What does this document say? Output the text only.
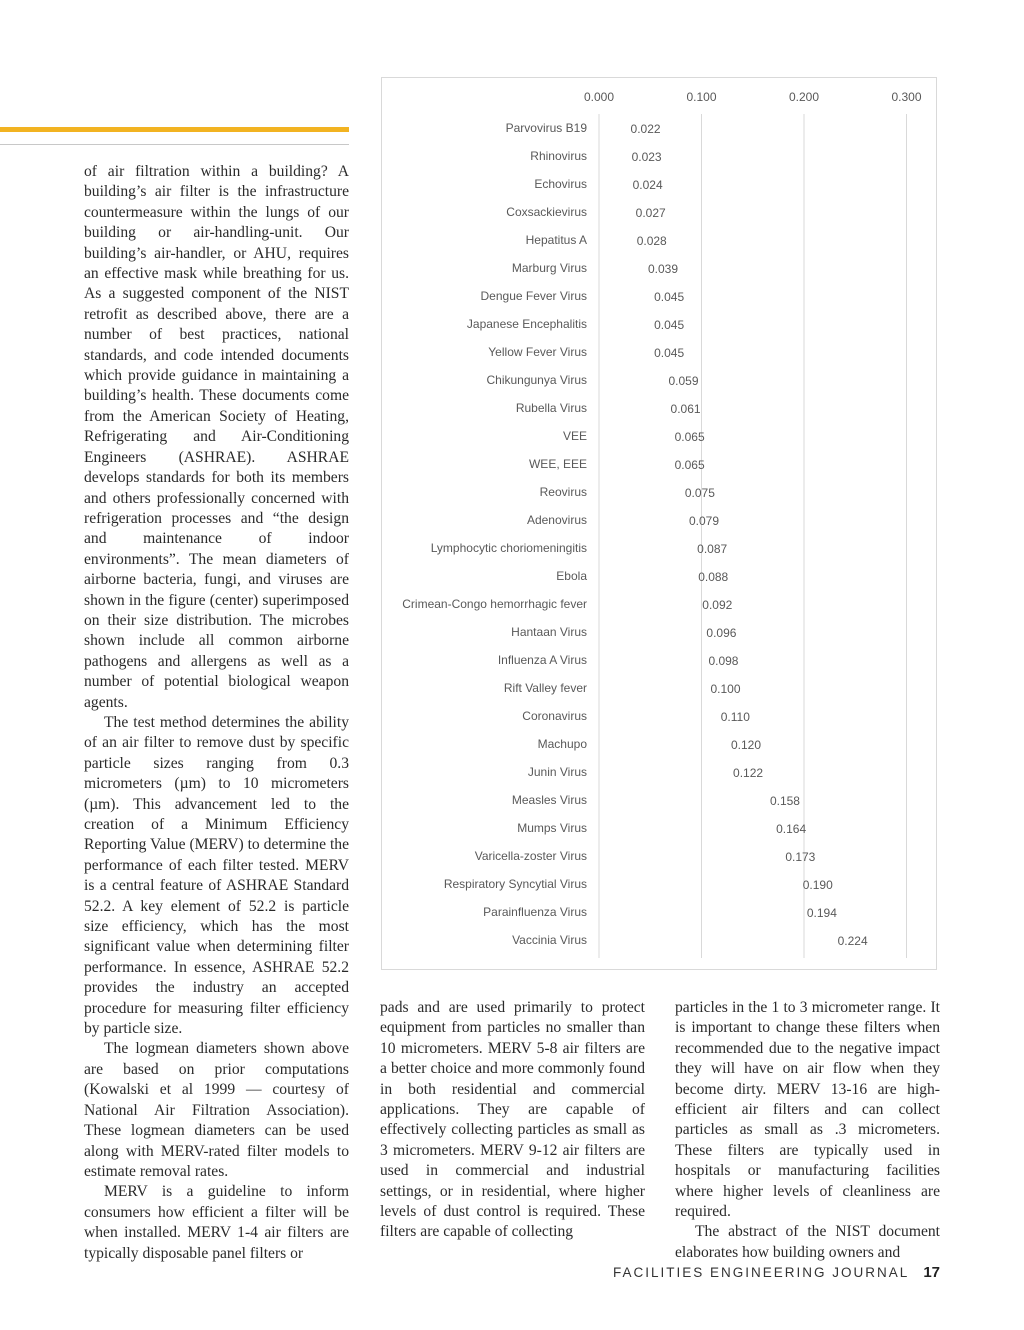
of air filtration within a building? A building’s air filter is the infrastructure countermeasure within the lungs of our building or air-handling-unit. Our building’s air-handler, or AHU, requires an effective mask while breathing for us. As a suggested component of the NIST retrofit as described above, there are a number of best practices, national standards, and code intended documents which provide guidance in maintaining a building’s health. These documents come from the American Society of Heating, Refrigerating and Air-Conditioning Engineers (ASHRAE). ASHRAE develops standards for both its members and others professionally concerned with refrigeration processes and “the design and maintenance of indoor environments”. The mean diameters of airborne bacteria, fungi, and viruses are shown in the figure (center) superimposed on their size distribution. The microbes shown include all common airborne pathogens and allergens as well as a number of potential biological weapon agents.

The test method determines the ability of an air filter to remove dust by specific particle sizes ranging from 0.3 micrometers (µm) to 10 micrometers (µm). This advancement led to the creation of a Minimum Efficiency Reporting Value (MERV) to determine the performance of each filter tested. MERV is a central feature of ASHRAE Standard 52.2. A key element of 52.2 is particle size efficiency, which has the most significant value when determining filter performance. In essence, ASHRAE 52.2 provides the industry an accepted procedure for measuring filter efficiency by particle size.

The logmean diameters shown above are based on prior computations (Kowalski et al 1999 — courtesy of National Air Filtration Association). These logmean diameters can be used along with MERV-rated filter models to estimate removal rates.

MERV is a guideline to inform consumers how efficient a filter will be when installed. MERV 1-4 air filters are typically disposable panel filters or

0.000	0.100	0.200	0.300
Parvovirus B19	0.022
Rhinovirus	0.023
Echovirus	0.024
Coxsackievirus	0.027
Hepatitus A	0.028
Marburg Virus	0.039
Dengue Fever Virus	0.045
Japanese Encephalitis	0.045
Yellow Fever Virus	0.045
Chikungunya Virus	0.059
Rubella Virus	0.061
VEE	0.065
WEE, EEE	0.065
Reovirus	0.075
Adenovirus	0.079
Lymphocytic choriomeningitis	0.087
Ebola	0.088
Crimean-Congo hemorrhagic fever	0.092
Hantaan Virus	0.096
Influenza A Virus	0.098
Rift Valley fever	0.100
Coronavirus	0.110
Machupo	0.120
Junin Virus	0.122
Measles Virus	0.158
Mumps Virus	0.164
Varicella-zoster Virus	0.173
Respiratory Syncytial Virus	0.190
Parainfluenza Virus	0.194
Vaccinia Virus	0.224

pads and are used primarily to protect equipment from particles no smaller than 10 micrometers. MERV 5-8 air filters are a better choice and more commonly found in both residential and commercial applications. They are capable of effectively collecting particles as small as 3 micrometers. MERV 9-12 air filters are used in commercial and industrial settings, or in residential, where higher levels of dust control is required. These filters are capable of collecting

particles in the 1 to 3 micrometer range. It is important to change these filters when recommended due to the negative impact they will have on air flow when they become dirty. MERV 13-16 are high-efficient air filters and can collect particles as small as .3 micrometers. These filters are typically used in hospitals or manufacturing facilities where higher levels of cleanliness are required.

The abstract of the NIST document elaborates how building owners and

FACILITIES ENGINEERING JOURNAL 17
